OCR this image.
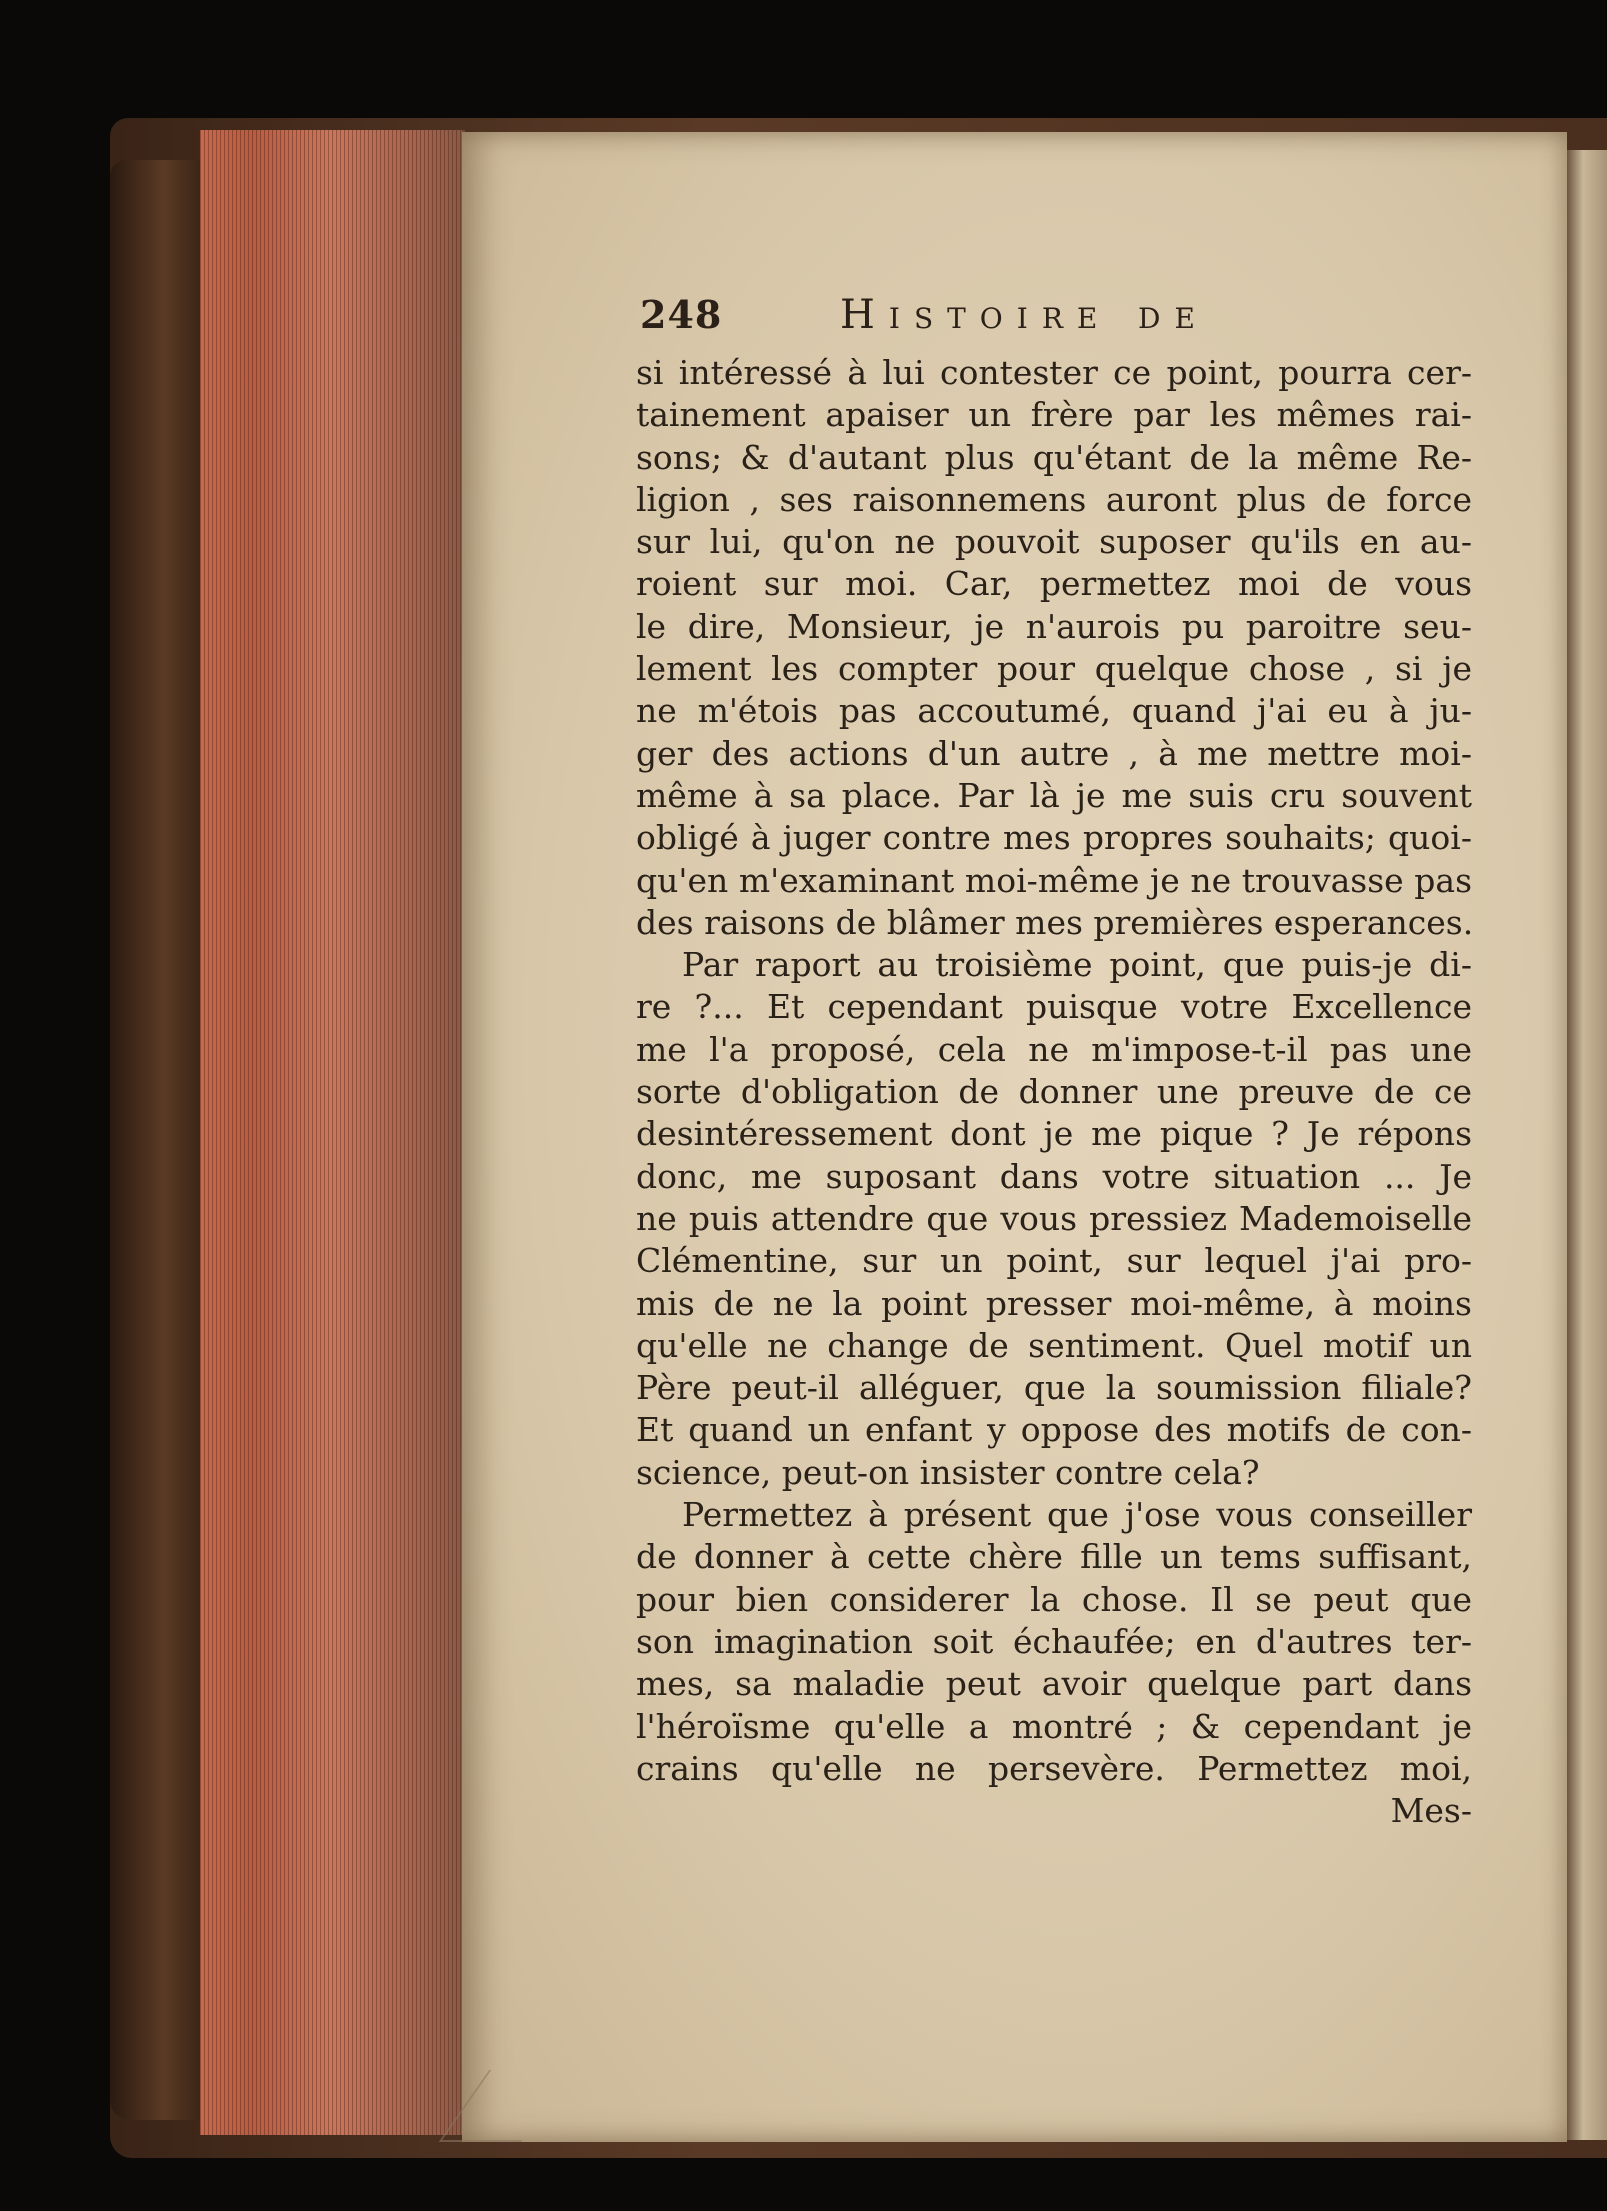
248	Histoire de
si intéressé à lui contester ce point, pourra cer-
tainement apaiser un frère par les mêmes rai-
sons; & d'autant plus qu'étant de la même Re-
ligion , ses raisonnemens auront plus de force
sur lui, qu'on ne pouvoit suposer qu'ils en au-
roient sur moi. Car, permettez moi de vous
le dire, Monsieur, je n'aurois pu paroitre seu-
lement les compter pour quelque chose , si je
ne m'étois pas accoutumé, quand j'ai eu à ju-
ger des actions d'un autre , à me mettre moi-
même à sa place. Par là je me suis cru souvent
obligé à juger contre mes propres souhaits; quoi-
qu'en m'examinant moi-même je ne trouvasse pas
des raisons de blâmer mes premières esperances.
Par raport au troisième point, que puis-je di-
re ?... Et cependant puisque votre Excellence
me l'a proposé, cela ne m'impose-t-il pas une
sorte d'obligation de donner une preuve de ce
desintéressement dont je me pique ? Je répons
donc, me suposant dans votre situation ... Je
ne puis attendre que vous pressiez Mademoiselle
Clémentine, sur un point, sur lequel j'ai pro-
mis de ne la point presser moi-même, à moins
qu'elle ne change de sentiment. Quel motif un
Père peut-il alléguer, que la soumission filiale?
Et quand un enfant y oppose des motifs de con-
science, peut-on insister contre cela?
Permettez à présent que j'ose vous conseiller
de donner à cette chère fille un tems suffisant,
pour bien considerer la chose. Il se peut que
son imagination soit échaufée; en d'autres ter-
mes, sa maladie peut avoir quelque part dans
l'héroïsme qu'elle a montré ; & cependant je
crains qu'elle ne persevère. Permettez moi,
Mes-
